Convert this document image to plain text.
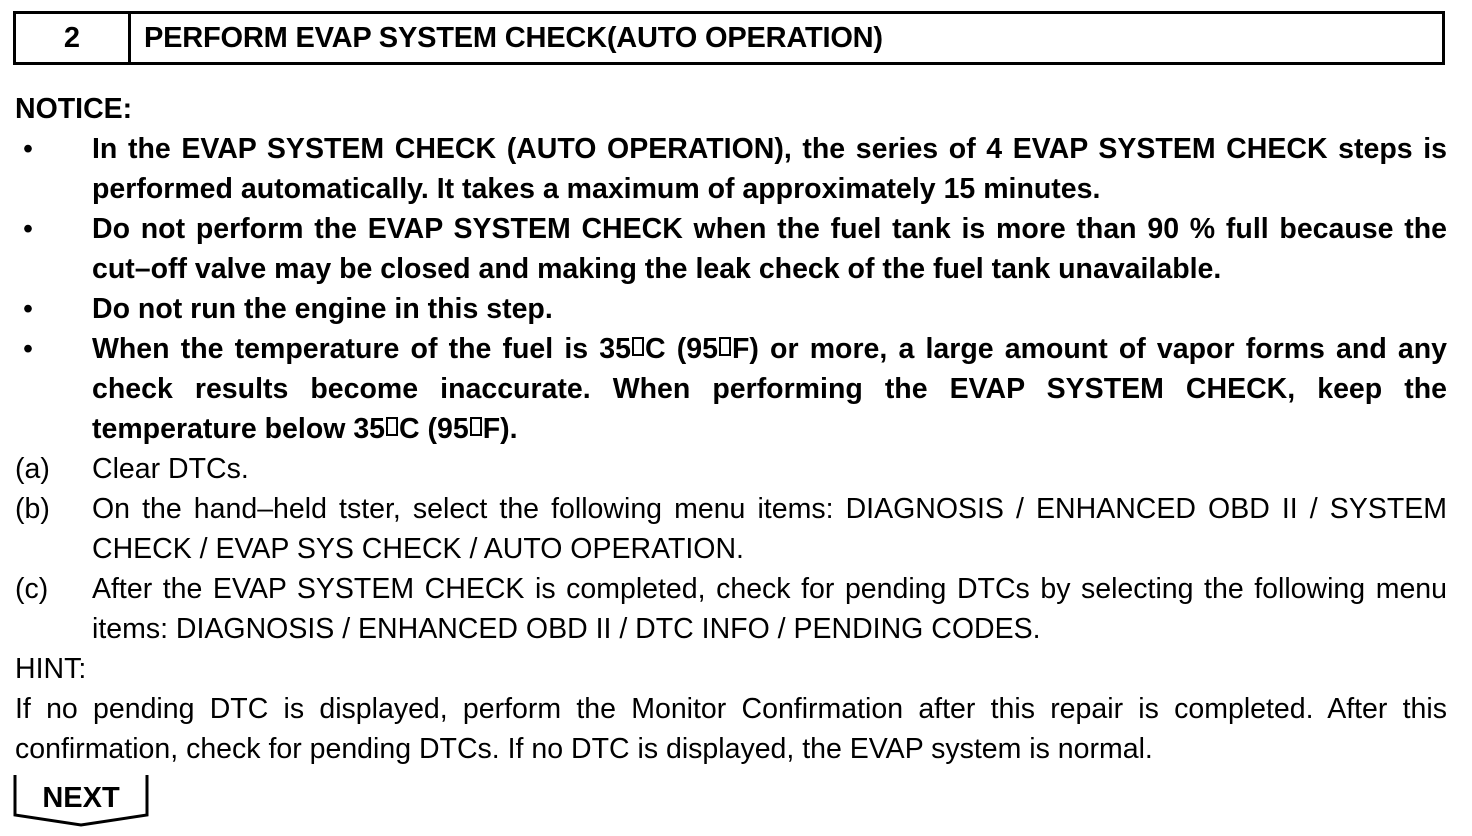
2	PERFORM EVAP SYSTEM CHECK(AUTO OPERATION)

NOTICE:

•	In the EVAP SYSTEM CHECK (AUTO OPERATION), the series of 4 EVAP SYSTEM CHECK steps is performed automatically. It takes a maximum of approximately 15 minutes.
•	Do not perform the EVAP SYSTEM CHECK when the fuel tank is more than 90 % full because the cut–off valve may be closed and making the leak check of the fuel tank unavailable.
•	Do not run the engine in this step.
•	When the temperature of the fuel is 35 C (95 F) or more, a large amount of vapor forms and any check results become inaccurate. When performing the EVAP SYSTEM CHECK, keep the temperature below 35 C (95 F).
(a)	Clear DTCs.
(b)	On the hand–held tster, select the following menu items: DIAGNOSIS / ENHANCED OBD II / SYSTEM CHECK / EVAP SYS CHECK / AUTO OPERATION.
(c)	After the EVAP SYSTEM CHECK is completed, check for pending DTCs by selecting the following menu items: DIAGNOSIS / ENHANCED OBD II / DTC INFO / PENDING CODES.

HINT:

If no pending DTC is displayed, perform the Monitor Confirmation after this repair is completed. After this confirmation, check for pending DTCs. If no DTC is displayed, the EVAP system is normal.

NEXT
